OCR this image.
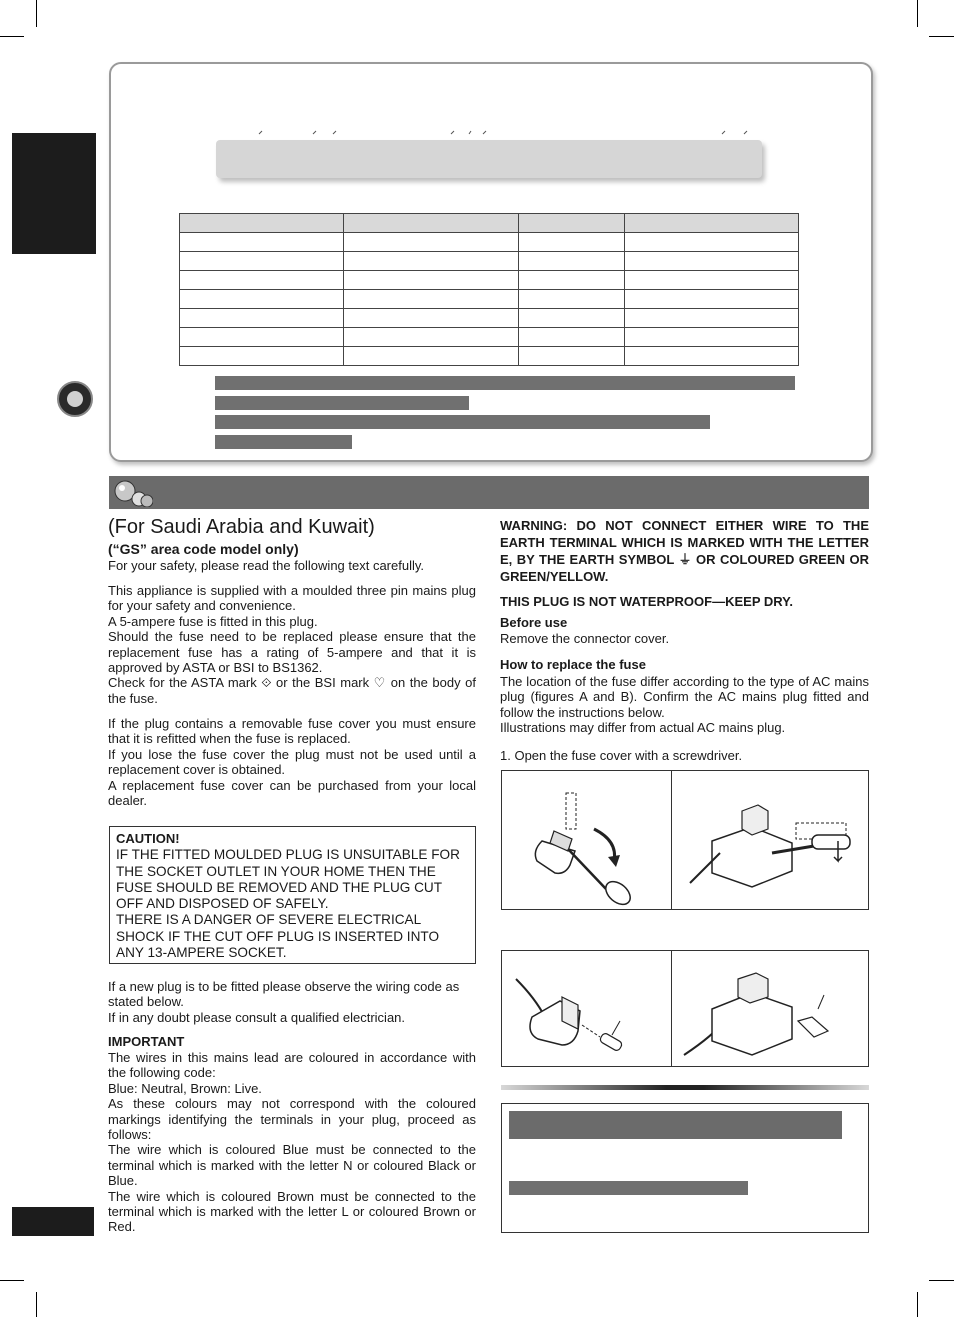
(For Saudi Arabia and Kuwait)
(“GS” area code model only)
For your safety, please read the following text carefully.

This appliance is supplied with a moulded three pin mains plug for your safety and convenience.

A 5-ampere fuse is fitted in this plug.

Should the fuse need to be replaced please ensure that the replacement fuse has a rating of 5-ampere and that it is approved by ASTA or BSI to BS1362.

Check for the ASTA mark ⟐ or the BSI mark ♡ on the body of the fuse.

If the plug contains a removable fuse cover you must ensure that it is refitted when the fuse is replaced.

If you lose the fuse cover the plug must not be used until a replacement cover is obtained.

A replacement fuse cover can be purchased from your local dealer.

CAUTION!
IF THE FITTED MOULDED PLUG IS UNSUITABLE FOR
THE SOCKET OUTLET IN YOUR HOME THEN THE
FUSE SHOULD BE REMOVED AND THE PLUG CUT
OFF AND DISPOSED OF SAFELY.
THERE IS A DANGER OF SEVERE ELECTRICAL
SHOCK IF THE CUT OFF PLUG IS INSERTED INTO
ANY 13-AMPERE SOCKET.

If a new plug is to be fitted please observe the wiring code as stated below.

If in any doubt please consult a qualified electrician.

IMPORTANT

The wires in this mains lead are coloured in accordance with the following code:

Blue: Neutral, Brown: Live.

As these colours may not correspond with the coloured markings identifying the terminals in your plug, proceed as follows:

The wire which is coloured Blue must be connected to the terminal which is marked with the letter N or coloured Black or Blue.

The wire which is coloured Brown must be connected to the terminal which is marked with the letter L or coloured Brown or Red.

WARNING: DO NOT CONNECT EITHER WIRE TO THE EARTH TERMINAL WHICH IS MARKED WITH THE LETTER E, BY THE EARTH SYMBOL ⏚ OR COLOURED GREEN OR GREEN/YELLOW.
THIS PLUG IS NOT WATERPROOF—KEEP DRY.
Before use
Remove the connector cover.
How to replace the fuse

The location of the fuse differ according to the type of AC mains plug (figures A and B). Confirm the AC mains plug fitted and follow the instructions below.

Illustrations may differ from actual AC mains plug.

1. Open the fuse cover with a screwdriver.
